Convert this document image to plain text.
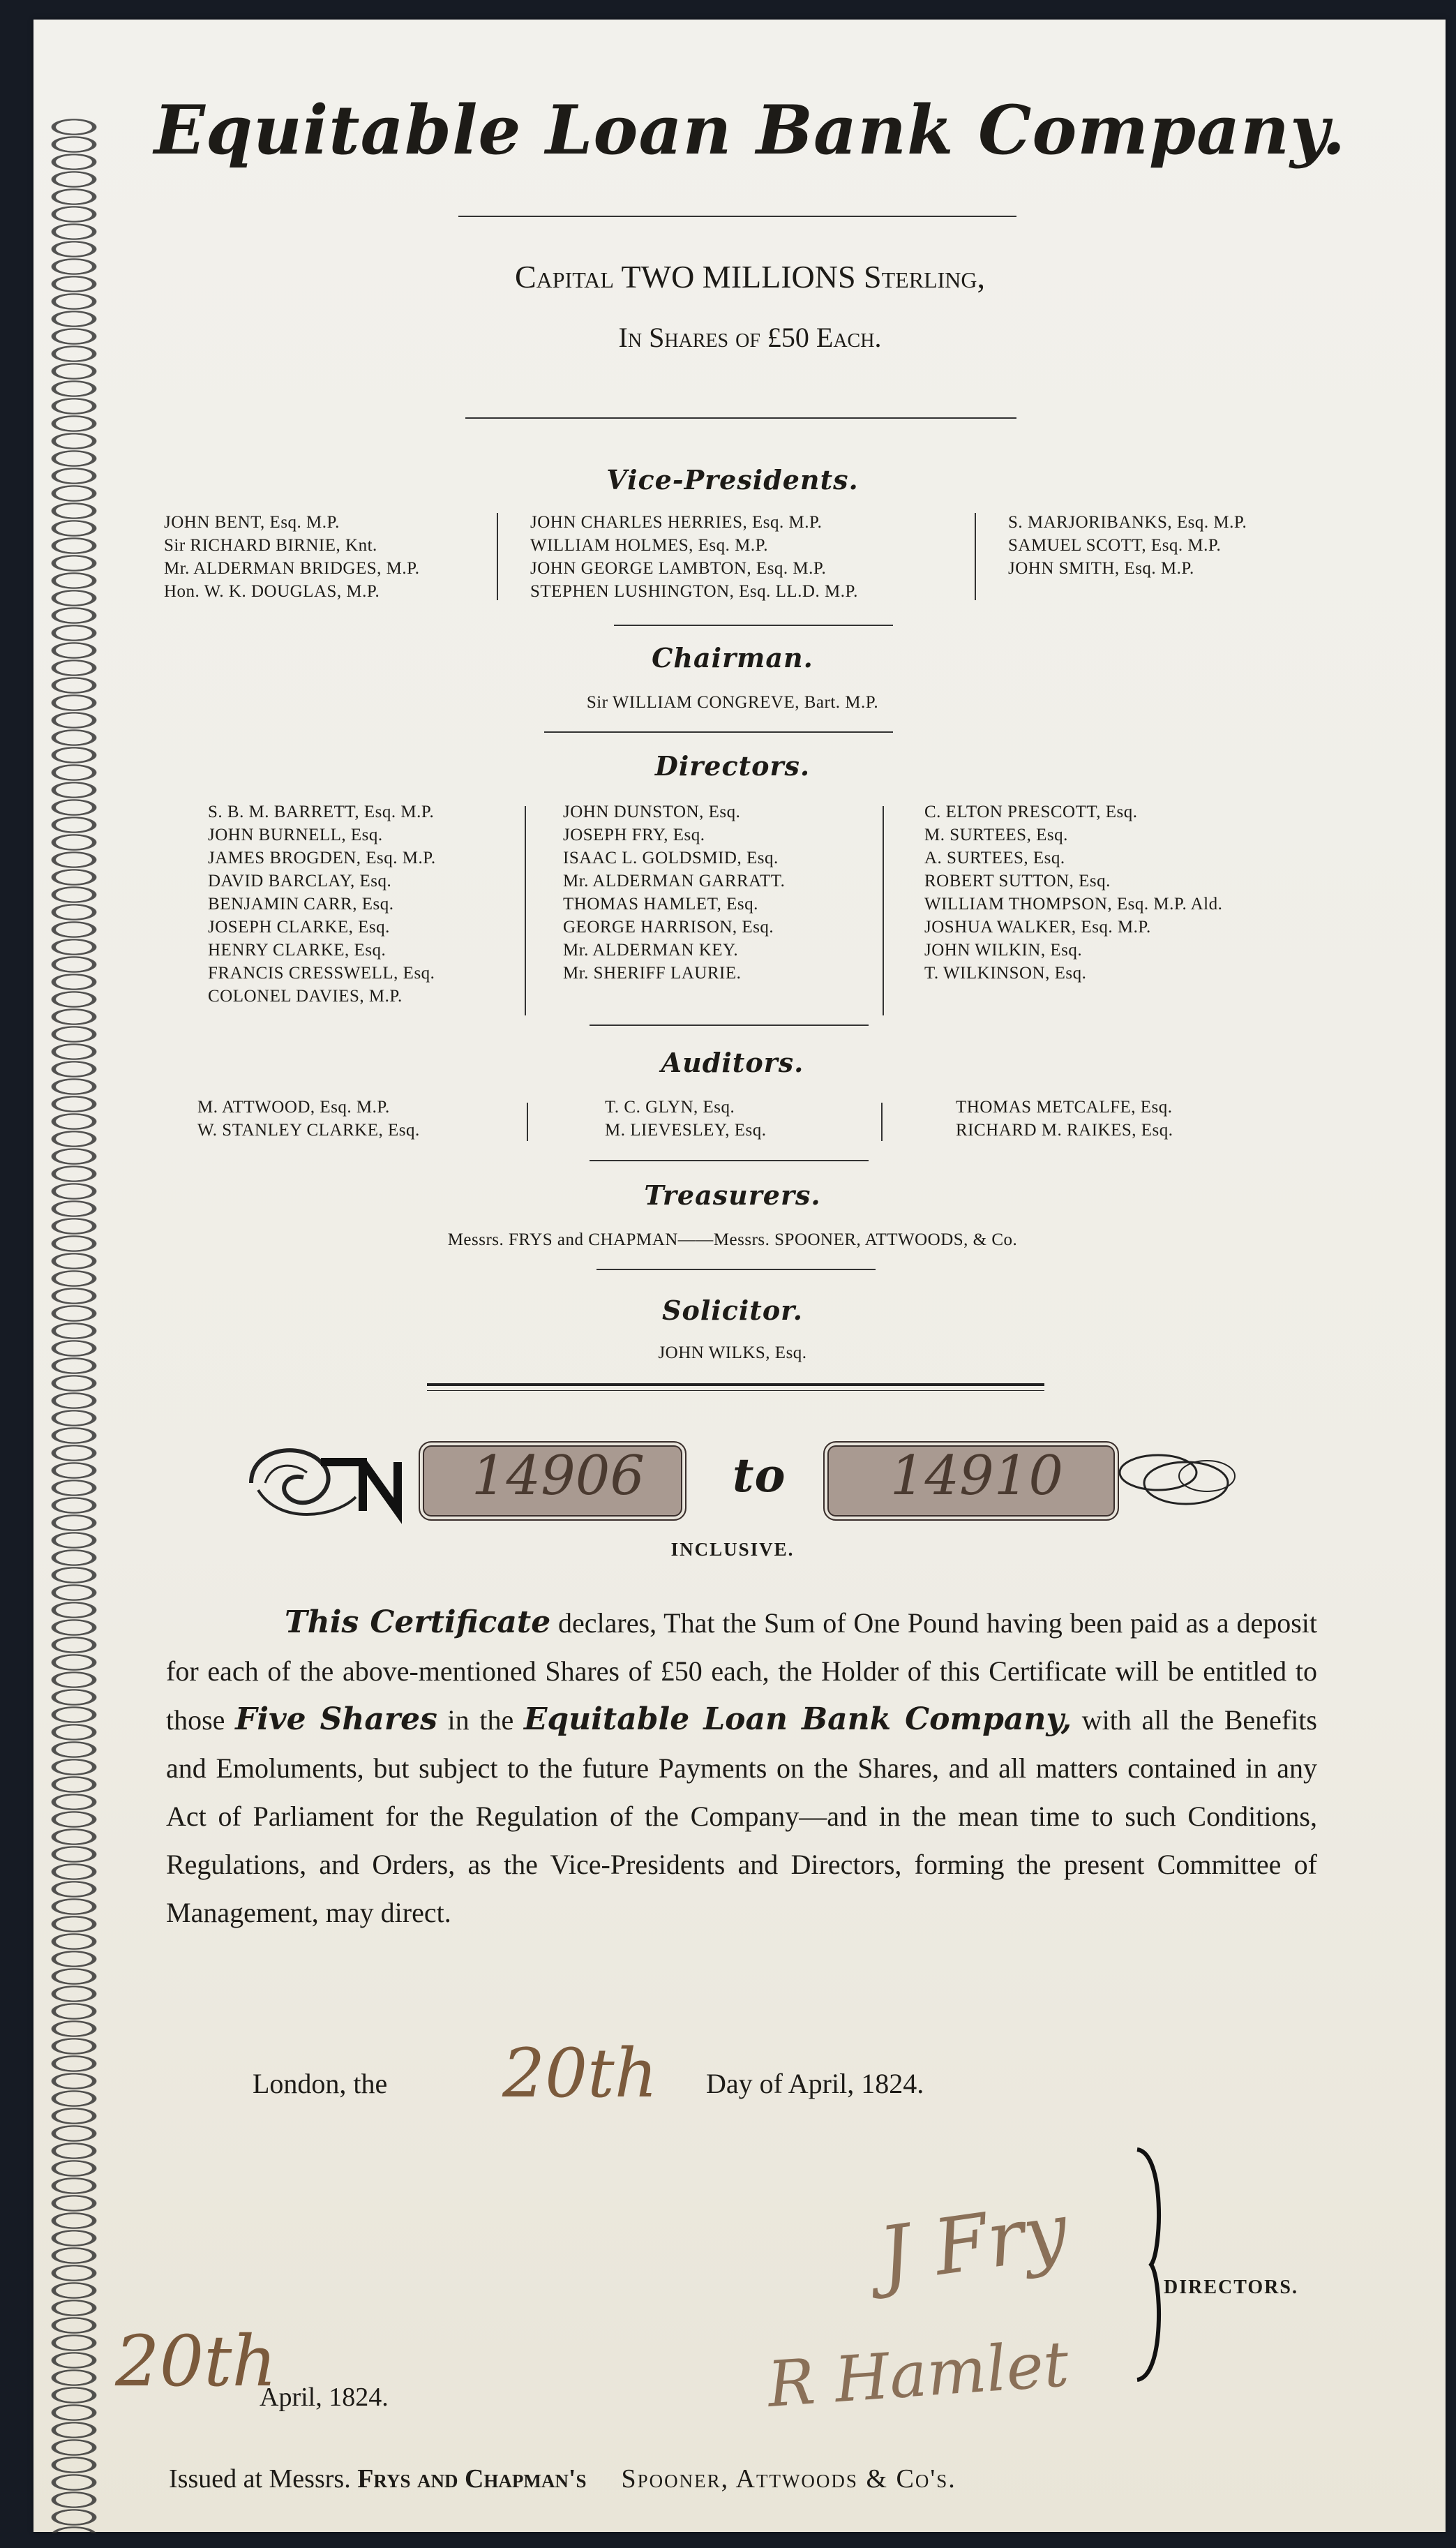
Equitable Loan Bank Company.
Capital TWO MILLIONS Sterling,
In Shares of £50 Each.
Vice-Presidents.
JOHN BENT, Esq. M.P.
Sir RICHARD BIRNIE, Knt.
Mr. ALDERMAN BRIDGES, M.P.
Hon. W. K. DOUGLAS, M.P.
JOHN CHARLES HERRIES, Esq. M.P.
WILLIAM HOLMES, Esq. M.P.
JOHN GEORGE LAMBTON, Esq. M.P.
STEPHEN LUSHINGTON, Esq. LL.D. M.P.
S. MARJORIBANKS, Esq. M.P.
SAMUEL SCOTT, Esq. M.P.
JOHN SMITH, Esq. M.P.
Chairman.
Sir WILLIAM CONGREVE, Bart. M.P.
Directors.
S. B. M. BARRETT, Esq. M.P.
JOHN BURNELL, Esq.
JAMES BROGDEN, Esq. M.P.
DAVID BARCLAY, Esq.
BENJAMIN CARR, Esq.
JOSEPH CLARKE, Esq.
HENRY CLARKE, Esq.
FRANCIS CRESSWELL, Esq.
COLONEL DAVIES, M.P.
JOHN DUNSTON, Esq.
JOSEPH FRY, Esq.
ISAAC L. GOLDSMID, Esq.
Mr. ALDERMAN GARRATT.
THOMAS HAMLET, Esq.
GEORGE HARRISON, Esq.
Mr. ALDERMAN KEY.
Mr. SHERIFF LAURIE.
C. ELTON PRESCOTT, Esq.
M. SURTEES, Esq.
A. SURTEES, Esq.
ROBERT SUTTON, Esq.
WILLIAM THOMPSON, Esq. M.P. Ald.
JOSHUA WALKER, Esq. M.P.
JOHN WILKIN, Esq.
T. WILKINSON, Esq.
Auditors.
M. ATTWOOD, Esq. M.P.
W. STANLEY CLARKE, Esq.
T. C. GLYN, Esq.
M. LIEVESLEY, Esq.
THOMAS METCALFE, Esq.
RICHARD M. RAIKES, Esq.
Treasurers.
Messrs. FRYS and CHAPMAN——Messrs. SPOONER, ATTWOODS, & Co.
Solicitor.
JOHN WILKS, Esq.
14906	to	14910
INCLUSIVE.
This Certificate declares, That the Sum of One Pound having been paid as a deposit for each of the above-mentioned Shares of £50 each, the Holder of this Certificate will be entitled to those Five Shares in the Equitable Loan Bank Company, with all the Benefits and Emoluments, but subject to the future Payments on the Shares, and all matters contained in any Act of Parliament for the Regulation of the Company—and in the mean time to such Conditions, Regulations, and Orders, as the Vice-Presidents and Directors, forming the present Committee of Management, may direct.
London, the 20th Day of April, 1824.
J Fry
R Hamlet
DIRECTORS.
20th
April, 1824.
Issued at Messrs. Frys and Chapman's Spooner, Attwoods & Co's.
